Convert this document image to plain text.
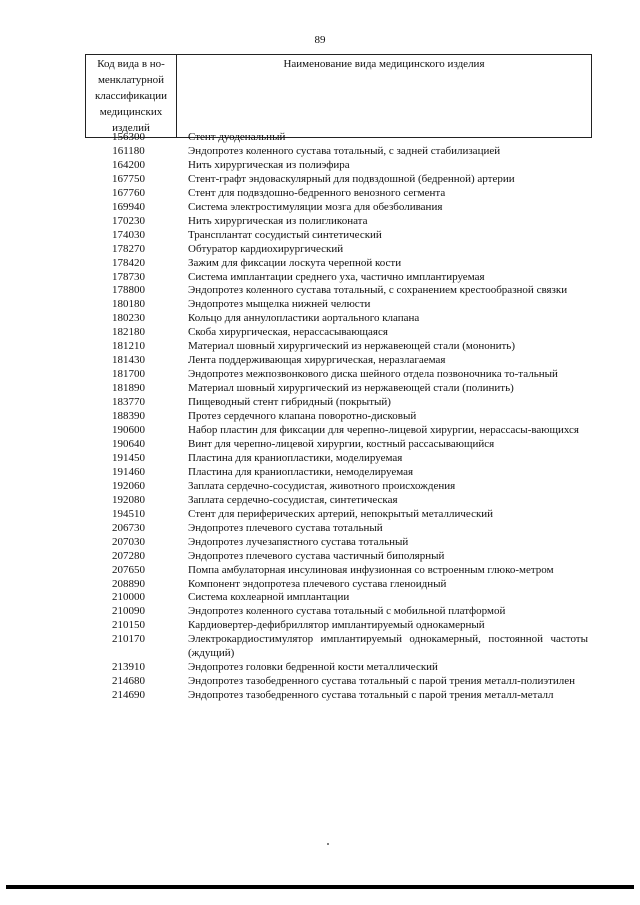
89
Код вида в но-менклатурной классификации медицинских изделий	Наименование вида медицинского изделия
156300	Стент дуоденальный
161180	Эндопротез коленного сустава тотальный, с задней стабилизацией
164200	Нить хирургическая из полиэфира
167750	Стент-графт эндоваскулярный для подвздошной (бедренной) артерии
167760	Стент для подвздошно-бедренного венозного сегмента
169940	Система электростимуляции мозга для обезболивания
170230	Нить хирургическая из полигликоната
174030	Трансплантат сосудистый синтетический
178270	Обтуратор кардиохирургический
178420	Зажим для фиксации лоскута черепной кости
178730	Система имплантации среднего уха, частично имплантируемая
178800	Эндопротез коленного сустава тотальный, с сохранением крестообразной связки
180180	Эндопротез мыщелка нижней челюсти
180230	Кольцо для аннулопластики аортального клапана
182180	Скоба хирургическая, нерассасывающаяся
181210	Материал шовный хирургический из нержавеющей стали (мононить)
181430	Лента поддерживающая хирургическая, нерaзлагаемая
181700	Эндопротез межпозвонкового диска шейного отдела позвоночника то-тальный
181890	Материал шовный хирургический из нержавеющей стали (полинить)
183770	Пищеводный стент гибридный (покрытый)
188390	Протез сердечного клапана поворотно-дисковый
190600	Набор пластин для фиксации для черепно-лицевой хирургии, нерассасы-вающихся
190640	Винт для черепно-лицевой хирургии, костный рассасывающийся
191450	Пластина для краниопластики, моделируемая
191460	Пластина для краниопластики, немоделируемая
192060	Заплата сердечно-сосудистая, животного происхождения
192080	Заплата сердечно-сосудистая, синтетическая
194510	Стент для периферических артерий, непокрытый металлический
206730	Эндопротез плечевого сустава тотальный
207030	Эндопротез лучезапястного сустава тотальный
207280	Эндопротез плечевого сустава частичный биполярный
207650	Помпа амбулаторная инсулиновая инфузионная со встроенным глюко-метром
208890	Компонент эндопротеза плечевого сустава гленоидный
210000	Система кохлеарной имплантации
210090	Эндопротез коленного сустава тотальный с мобильной платформой
210150	Кардиовертер-дефибриллятор имплантируемый однокамерный
210170	Электрокардиостимулятор имплантируемый однокамерный, постоянной частоты (ждущий)
213910	Эндопротез головки бедренной кости металлический
214680	Эндопротез тазобедренного сустава тотальный с парой трения металл-полиэтилен
214690	Эндопротез тазобедренного сустава тотальный с парой трения металл-металл
